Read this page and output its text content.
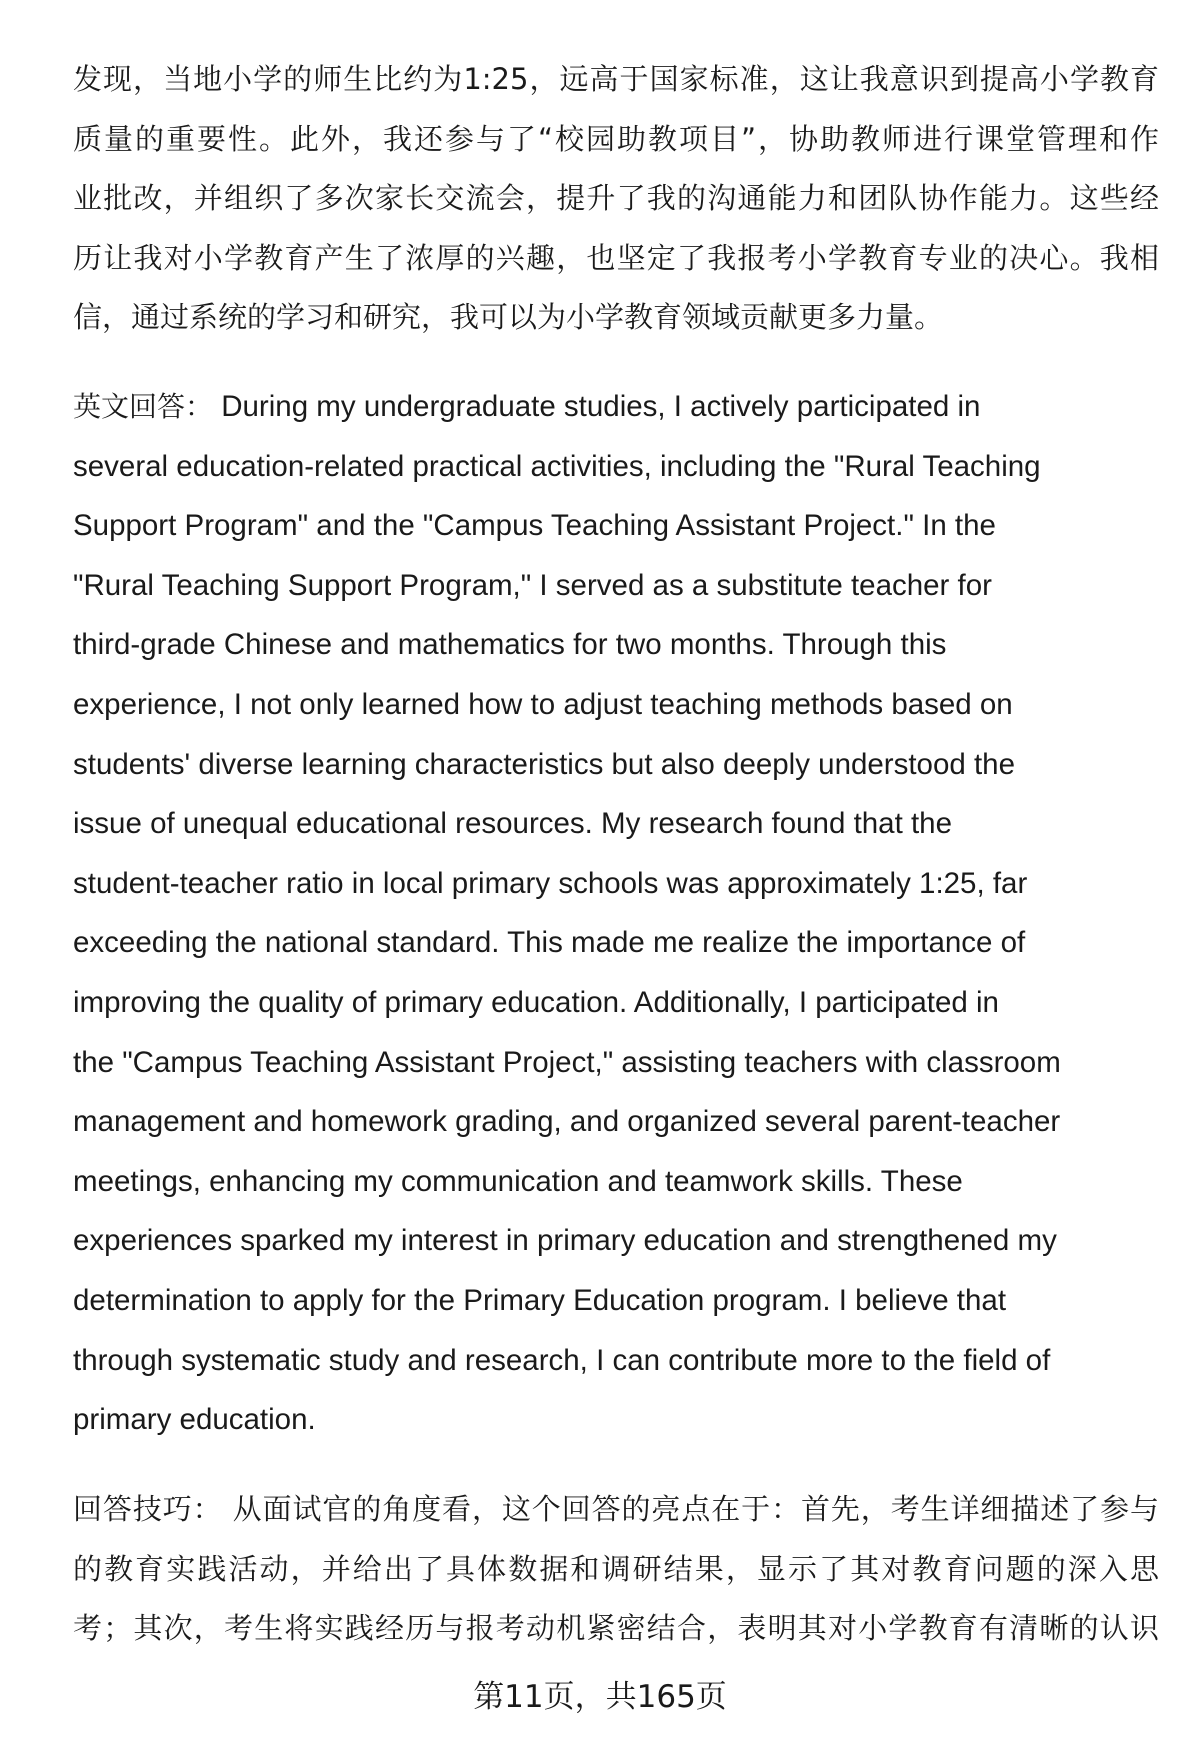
发现，当地小学的师生比约为1:25，远高于国家标准，这让我意识到提高小学教育
质量的重要性。此外，我还参与了“校园助教项目”，协助教师进行课堂管理和作
业批改，并组织了多次家长交流会，提升了我的沟通能力和团队协作能力。这些经
历让我对小学教育产生了浓厚的兴趣，也坚定了我报考小学教育专业的决心。我相
信，通过系统的学习和研究，我可以为小学教育领域贡献更多力量。
英文回答： During my undergraduate studies, I actively participated in
several education-related practical activities, including the "Rural Teaching
Support Program" and the "Campus Teaching Assistant Project." In the
"Rural Teaching Support Program," I served as a substitute teacher for
third-grade Chinese and mathematics for two months. Through this
experience, I not only learned how to adjust teaching methods based on
students' diverse learning characteristics but also deeply understood the
issue of unequal educational resources. My research found that the
student-teacher ratio in local primary schools was approximately 1:25, far
exceeding the national standard. This made me realize the importance of
improving the quality of primary education. Additionally, I participated in
the "Campus Teaching Assistant Project," assisting teachers with classroom
management and homework grading, and organized several parent-teacher
meetings, enhancing my communication and teamwork skills. These
experiences sparked my interest in primary education and strengthened my
determination to apply for the Primary Education program. I believe that
through systematic study and research, I can contribute more to the field of
primary education.
回答技巧： 从面试官的角度看，这个回答的亮点在于：首先，考生详细描述了参与
的教育实践活动，并给出了具体数据和调研结果，显示了其对教育问题的深入思
考；其次，考生将实践经历与报考动机紧密结合，表明其对小学教育有清晰的认识
第11页，共165页
